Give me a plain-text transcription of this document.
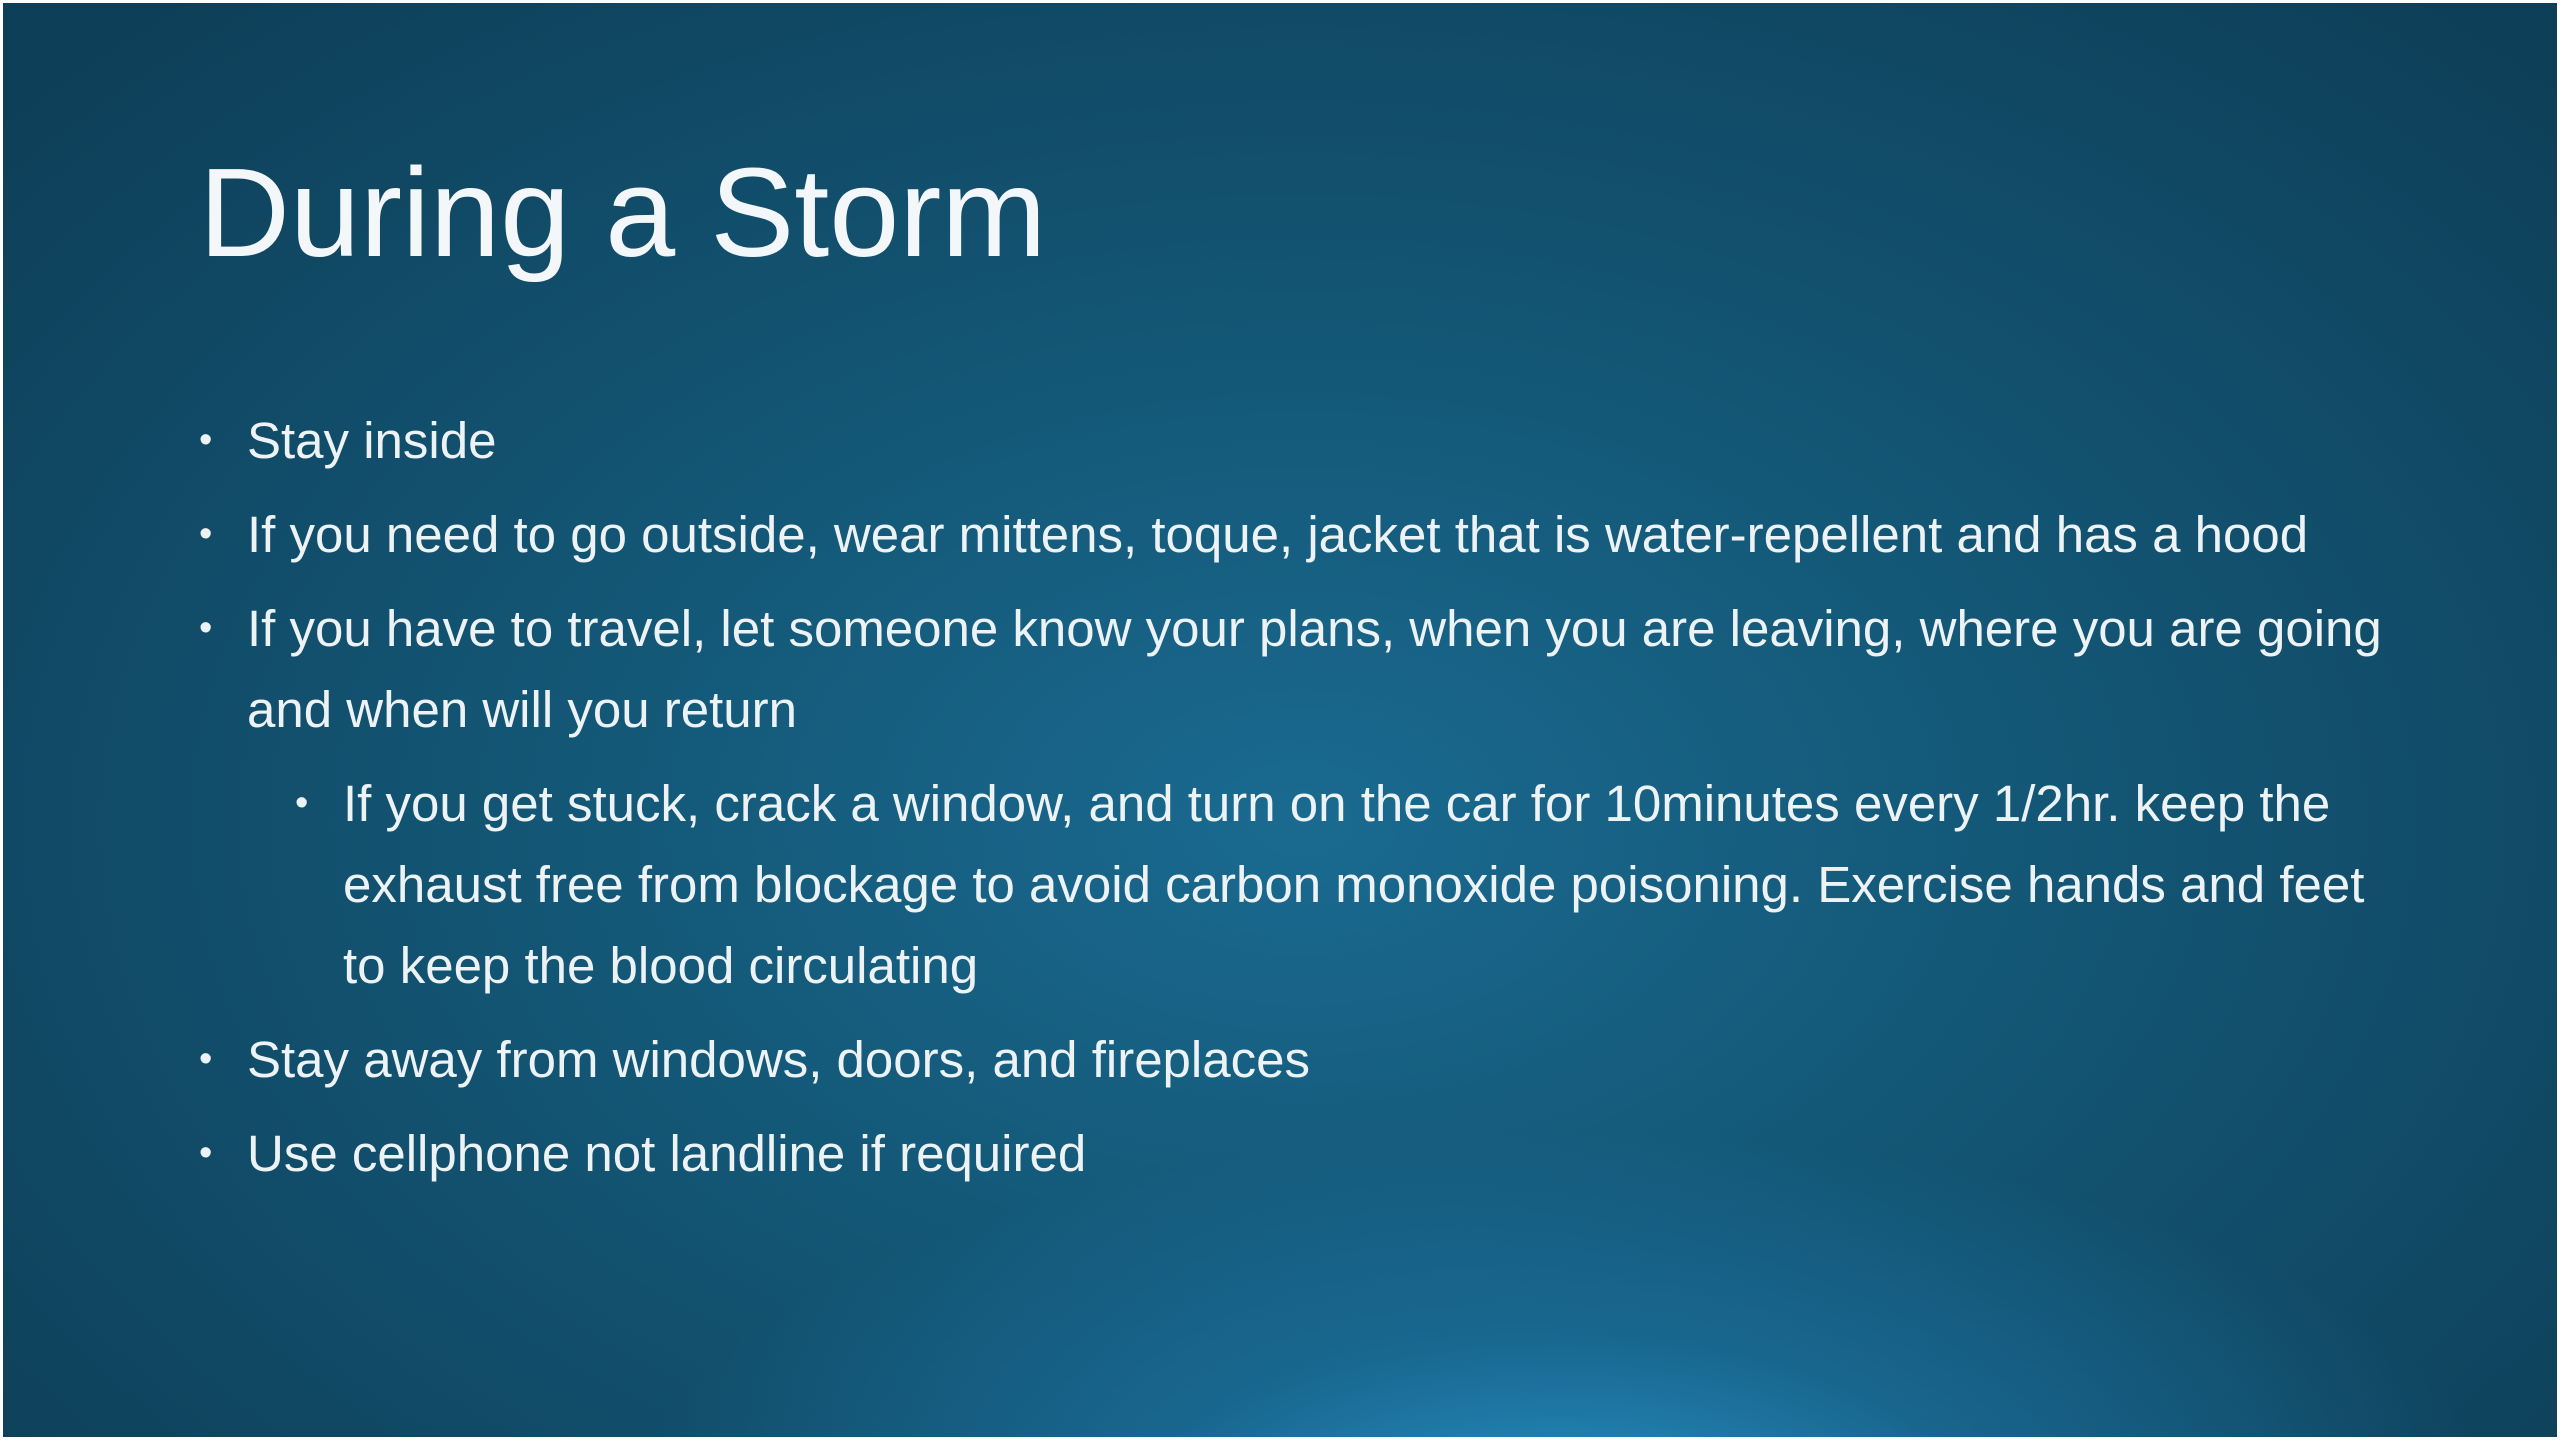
During a Storm
• Stay inside
• If you need to go outside, wear mittens, toque, jacket that is water-repellent and has a hood
• If you have to travel, let someone know your plans, when you are leaving, where you are going and when will you return
• If you get stuck, crack a window, and turn on the car for 10minutes every 1/2hr. keep the exhaust free from blockage to avoid carbon monoxide poisoning. Exercise hands and feet to keep the blood circulating
• Stay away from windows, doors, and fireplaces
• Use cellphone not landline if required
